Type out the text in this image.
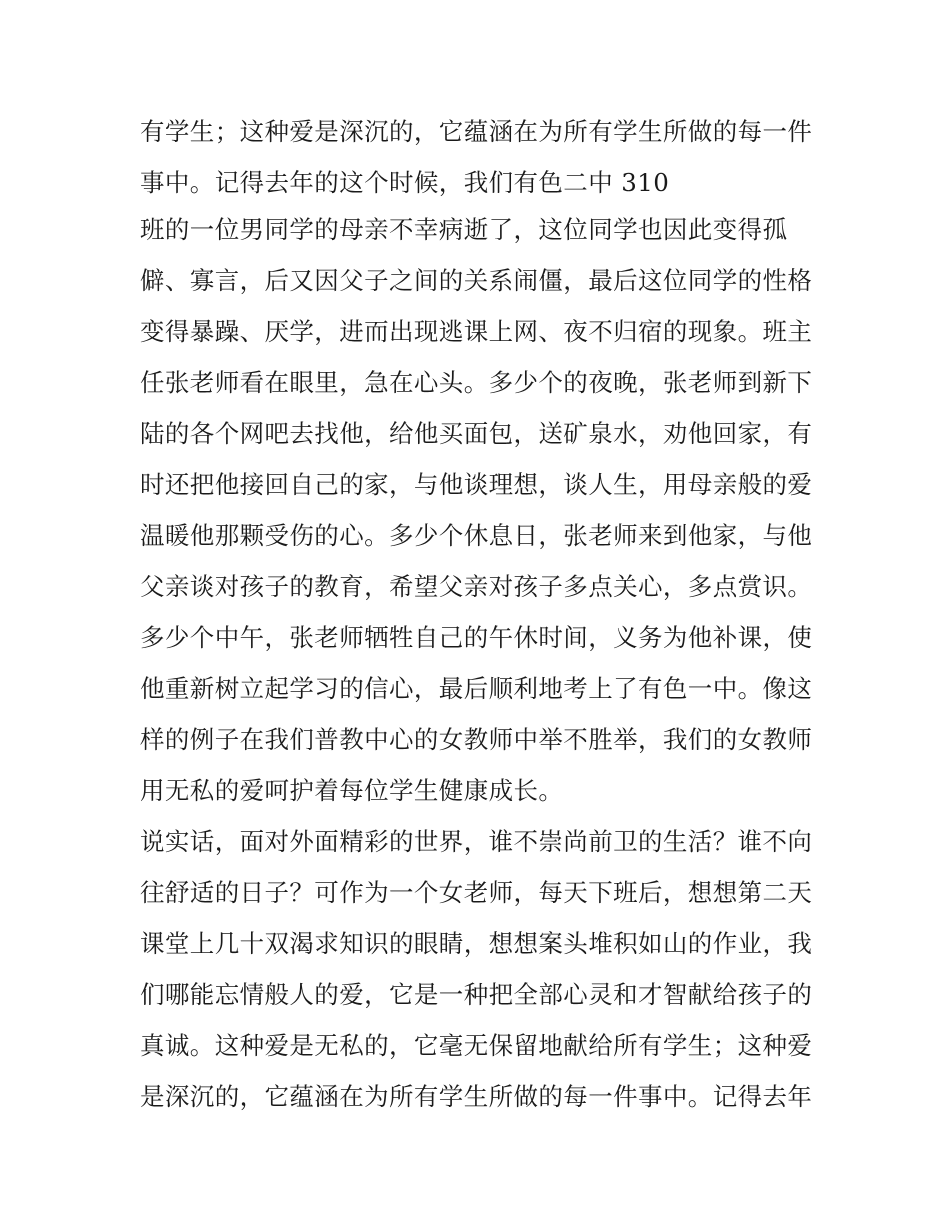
有学生；这种爱是深沉的，它蕴涵在为所有学生所做的每一件
事中。记得去年的这个时候，我们有色二中 310
班的一位男同学的母亲不幸病逝了，这位同学也因此变得孤
僻、寡言，后又因父子之间的关系闹僵，最后这位同学的性格
变得暴躁、厌学，进而出现逃课上网、夜不归宿的现象。班主
任张老师看在眼里，急在心头。多少个的夜晚，张老师到新下
陆的各个网吧去找他，给他买面包，送矿泉水，劝他回家，有
时还把他接回自己的家，与他谈理想，谈人生，用母亲般的爱
温暖他那颗受伤的心。多少个休息日，张老师来到他家，与他
父亲谈对孩子的教育，希望父亲对孩子多点关心，多点赏识。
多少个中午，张老师牺牲自己的午休时间，义务为他补课，使
他重新树立起学习的信心，最后顺利地考上了有色一中。像这
样的例子在我们普教中心的女教师中举不胜举，我们的女教师
用无私的爱呵护着每位学生健康成长。
说实话，面对外面精彩的世界，谁不崇尚前卫的生活？谁不向
往舒适的日子？可作为一个女老师，每天下班后，想想第二天
课堂上几十双渴求知识的眼睛，想想案头堆积如山的作业，我
们哪能忘情般人的爱，它是一种把全部心灵和才智献给孩子的
真诚。这种爱是无私的，它毫无保留地献给所有学生；这种爱
是深沉的，它蕴涵在为所有学生所做的每一件事中。记得去年
